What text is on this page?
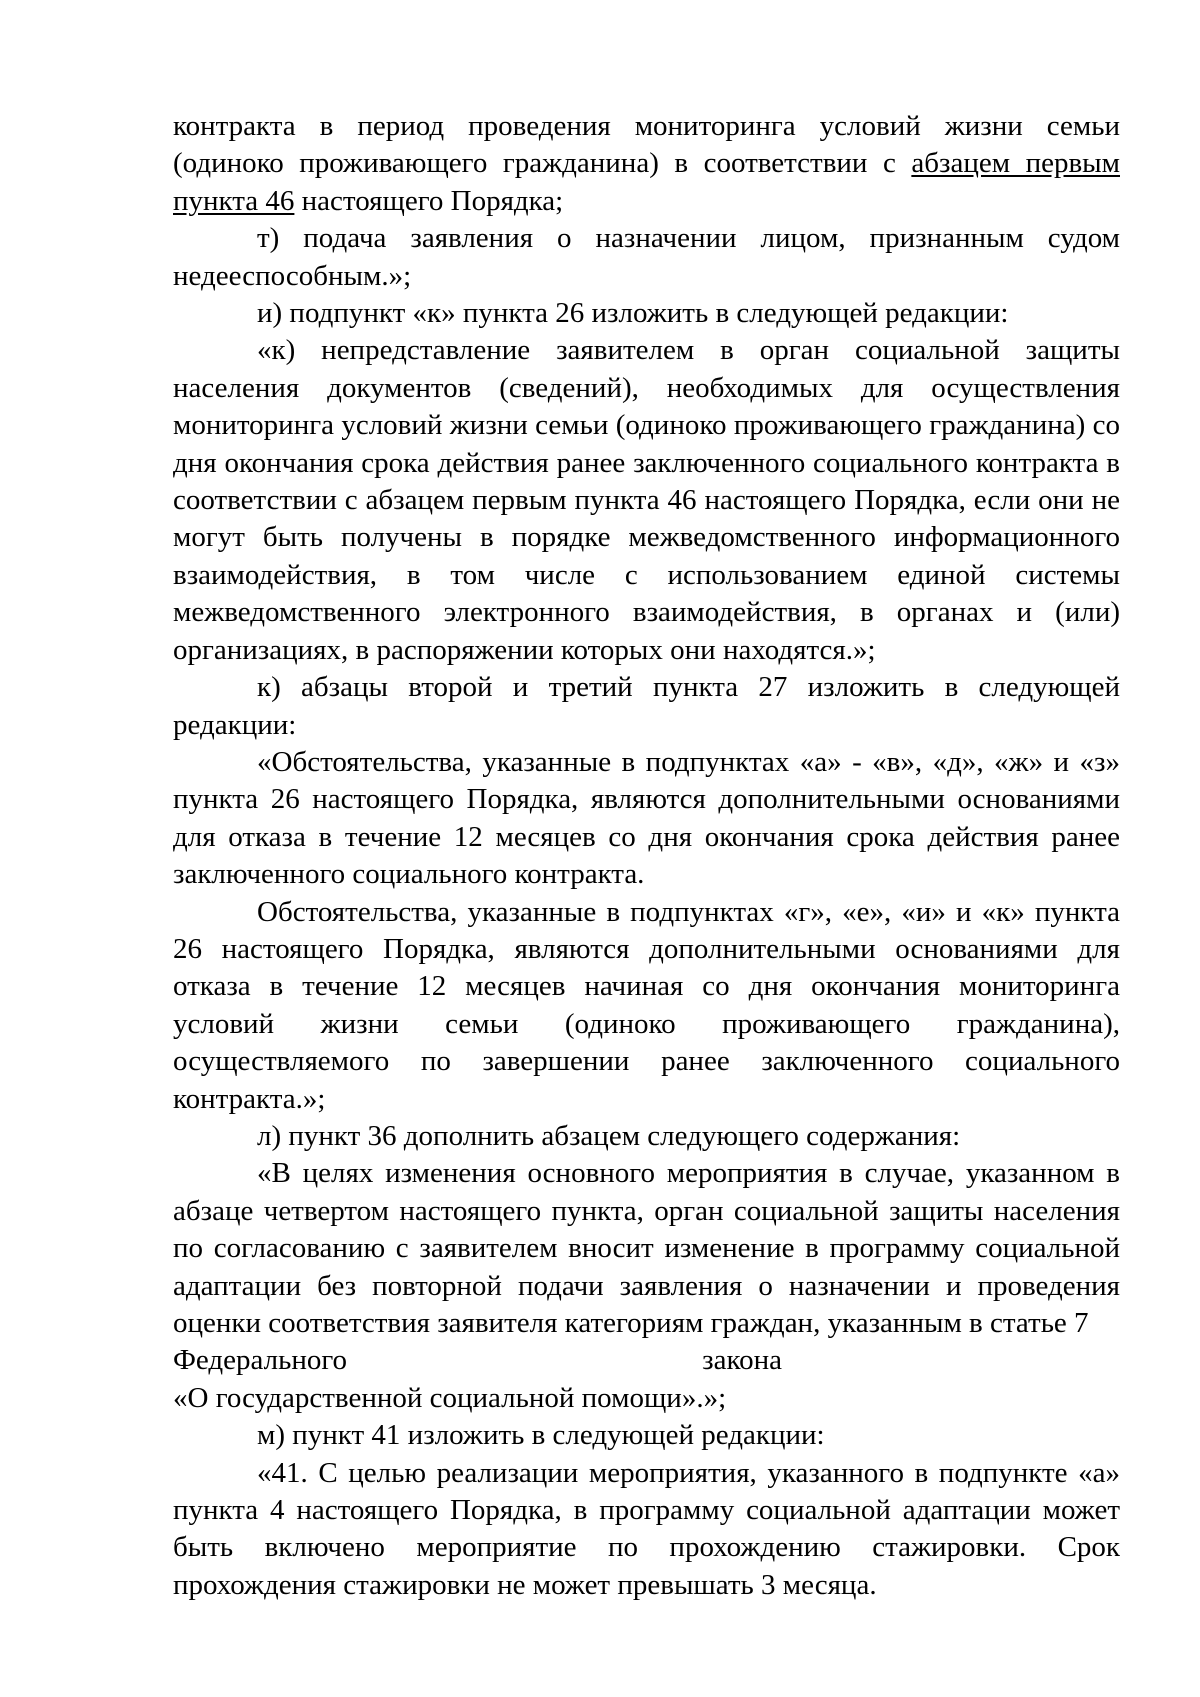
контракта в период проведения мониторинга условий жизни семьи (одиноко проживающего гражданина) в соответствии с абзацем первым пункта 46 настоящего Порядка;

т) подача заявления о назначении лицом, признанным судом недееспособным.»;

и) подпункт «к» пункта 26 изложить в следующей редакции:

«к) непредставление заявителем в орган социальной защиты населения документов (сведений), необходимых для осуществления мониторинга условий жизни семьи (одиноко проживающего гражданина) со дня окончания срока действия ранее заключенного социального контракта в соответствии с абзацем первым пункта 46 настоящего Порядка, если они не могут быть получены в порядке межведомственного информационного взаимодействия, в том числе с использованием единой системы межведомственного электронного взаимодействия, в органах и (или) организациях, в распоряжении которых они находятся.»;

к) абзацы второй и третий пункта 27 изложить в следующей редакции:

«Обстоятельства, указанные в подпунктах «а» - «в», «д», «ж» и «з» пункта 26 настоящего Порядка, являются дополнительными основаниями для отказа в течение 12 месяцев со дня окончания срока действия ранее заключенного социального контракта.

Обстоятельства, указанные в подпунктах «г», «е», «и» и «к» пункта 26 настоящего Порядка, являются дополнительными основаниями для отказа в течение 12 месяцев начиная со дня окончания мониторинга условий жизни семьи (одиноко проживающего гражданина), осуществляемого по завершении ранее заключенного социального контракта.»;

л) пункт 36 дополнить абзацем следующего содержания:

«В целях изменения основного мероприятия в случае, указанном в абзаце четвертом настоящего пункта, орган социальной защиты населения по согласованию с заявителем вносит изменение в программу социальной адаптации без повторной подачи заявления о назначении и проведения оценки соответствия заявителя категориям граждан, указанным в статье 7

Федерального	закона

«О государственной социальной помощи».»;

м) пункт 41 изложить в следующей редакции:

«41. С целью реализации мероприятия, указанного в подпункте «а» пункта 4 настоящего Порядка, в программу социальной адаптации может быть включено мероприятие по прохождению стажировки. Срок прохождения стажировки не может превышать 3 месяца.
